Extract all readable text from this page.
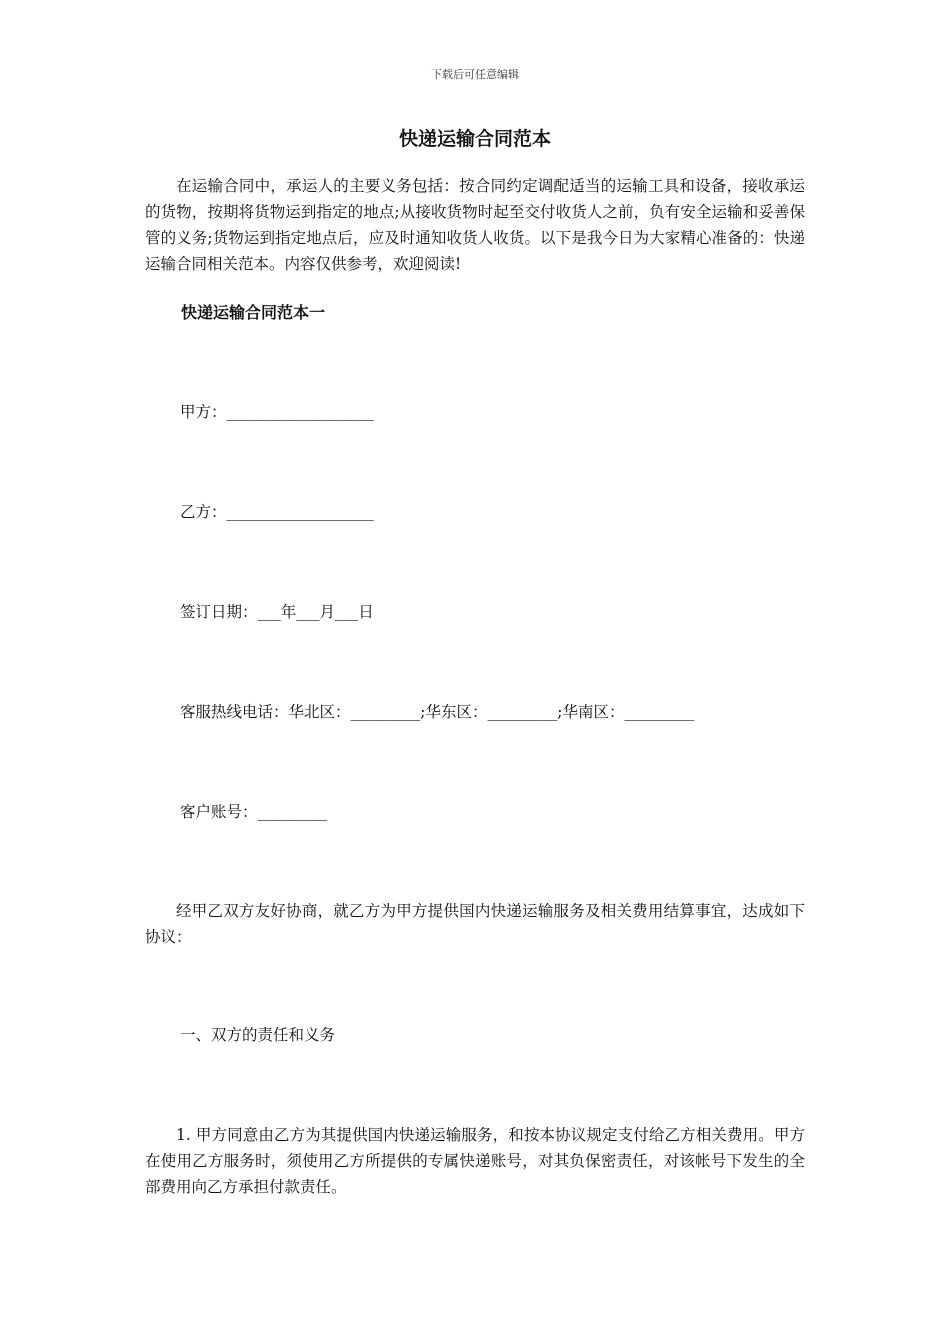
下载后可任意编辑
快递运输合同范本

在运输合同中，承运人的主要义务包括：按合同约定调配适当的运输工具和设备，接收承运的货物，按期将货物运到指定的地点;从接收货物时起至交付收货人之前，负有安全运输和妥善保管的义务;货物运到指定地点后，应及时通知收货人收货。以下是我今日为大家精心准备的：快递运输合同相关范本。内容仅供参考，欢迎阅读!

快递运输合同范本一
甲方：___________________
乙方：___________________
签订日期：___年___月___日
客服热线电话：华北区：_________;华东区：_________;华南区：_________
客户账号：_________

经甲乙双方友好协商，就乙方为甲方提供国内快递运输服务及相关费用结算事宜，达成如下协议：

一、双方的责任和义务

1. 甲方同意由乙方为其提供国内快递运输服务，和按本协议规定支付给乙方相关费用。甲方在使用乙方服务时，须使用乙方所提供的专属快递账号，对其负保密责任，对该帐号下发生的全部费用向乙方承担付款责任。
